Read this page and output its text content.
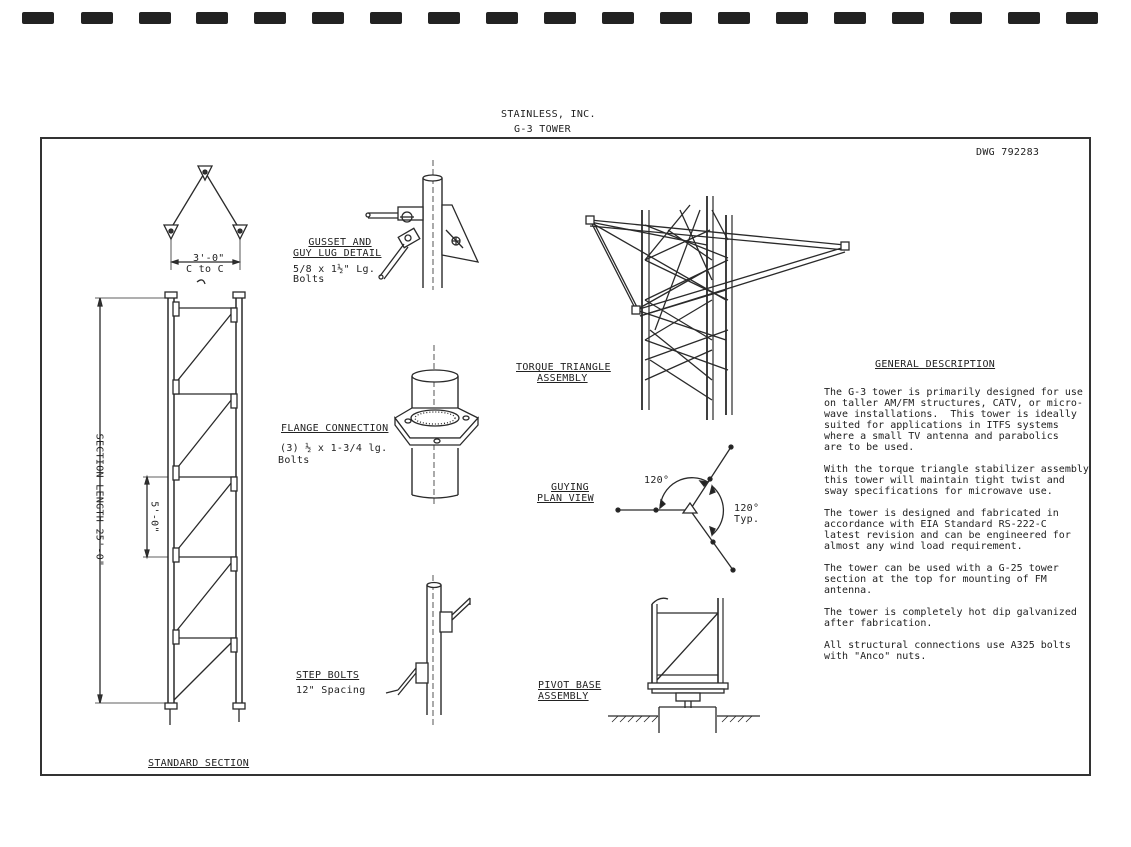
STAINLESS, INC.
G-3 TOWER
DWG 792283
3'-0"
C to C
SECTION LENGTH 25'-0"	5'-0"
STANDARD SECTION
GUSSET AND
GUY LUG DETAIL
5/8 x 1½" Lg.
Bolts
FLANGE CONNECTION
(3) ½ x 1-3/4 lg.
Bolts
STEP BOLTS
12" Spacing
TORQUE TRIANGLE
ASSEMBLY
GUYING
PLAN VIEW
120°
120°
Typ.
PIVOT BASE
ASSEMBLY
GENERAL DESCRIPTION

The G-3 tower is primarily designed for use
on taller AM/FM structures, CATV, or micro-
wave installations.  This tower is ideally
suited for applications in ITFS systems
where a small TV antenna and parabolics
are to be used.

With the torque triangle stabilizer assembly
this tower will maintain tight twist and
sway specifications for microwave use.

The tower is designed and fabricated in
accordance with EIA Standard RS-222-C
latest revision and can be engineered for
almost any wind load requirement.

The tower can be used with a G-25 tower
section at the top for mounting of FM
antenna.

The tower is completely hot dip galvanized
after fabrication.

All structural connections use A325 bolts
with "Anco" nuts.
